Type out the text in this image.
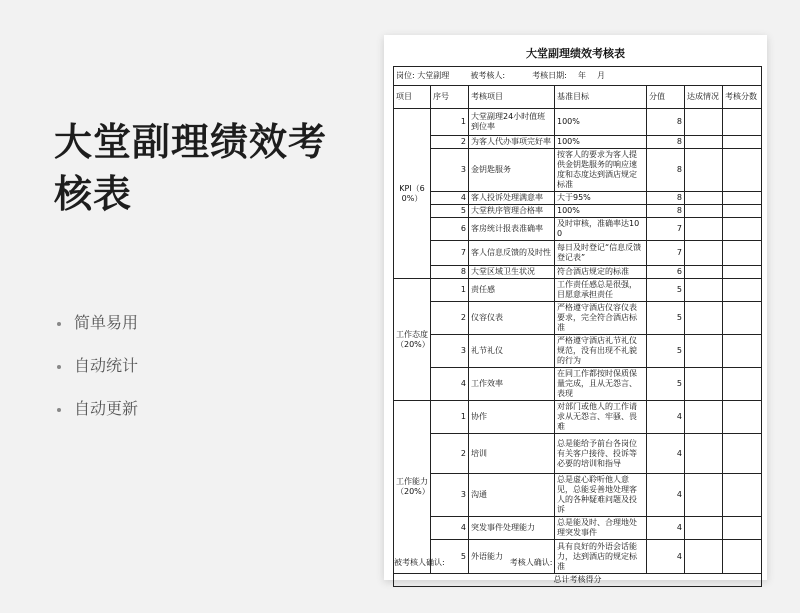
大堂副理绩效考核表
简单易用
自动统计
自动更新
大堂副理绩效考核表
岗位: 大堂副理 被考核人: 考核日期: 年 月						
项目	序号	考核项目	基准目标	分值	达成情况	考核分数
KPI（60%）	1	大堂副理24小时值班到位率	100%	8		
	2	为客人代办事项完好率	100%	8		
	3	金钥匙服务	按客人的要求为客人提供金钥匙服务的响应速度和态度达到酒店规定标准	8		
	4	客人投诉处理满意率	大于95%	8		
	5	大堂秩序管理合格率	100%	8		
	6	客房统计报表准确率	及时审核，准确率达100	7		
	7	客人信息反馈的及时性	每日及时登记“信息反馈登记表”	7		
	8	大堂区域卫生状况	符合酒店规定的标准	6		
工作态度（20%）	1	责任感	工作责任感总是很强，目愿意承担责任	5		
	2	仪容仪表	严格遵守酒店仪容仪表要求，完全符合酒店标准	5		
	3	礼节礼仪	严格遵守酒店礼节礼仪规范，没有出现不礼貌的行为	5		
	4	工作效率	在同工作都按时保质保量完成，且从无怨言、表现	5		
工作能力（20%）	1	协作	对部门或他人的工作请求从无怨言、牢骚、畏难	4		
	2	培训	总是能给予前台各岗位有关客户接待、投诉等必要的培训和指导	4		
	3	沟通	总是虚心聆听他人意见，总能妥善地处理客人的各种疑难问题及投诉	4		
	4	突发事件处理能力	总是能及时、合理地处理突发事件	4		
	5	外语能力	具有良好的外语会话能力，达到酒店的规定标准	4		
总计考核得分						
被考核人确认:	考核人确认:
